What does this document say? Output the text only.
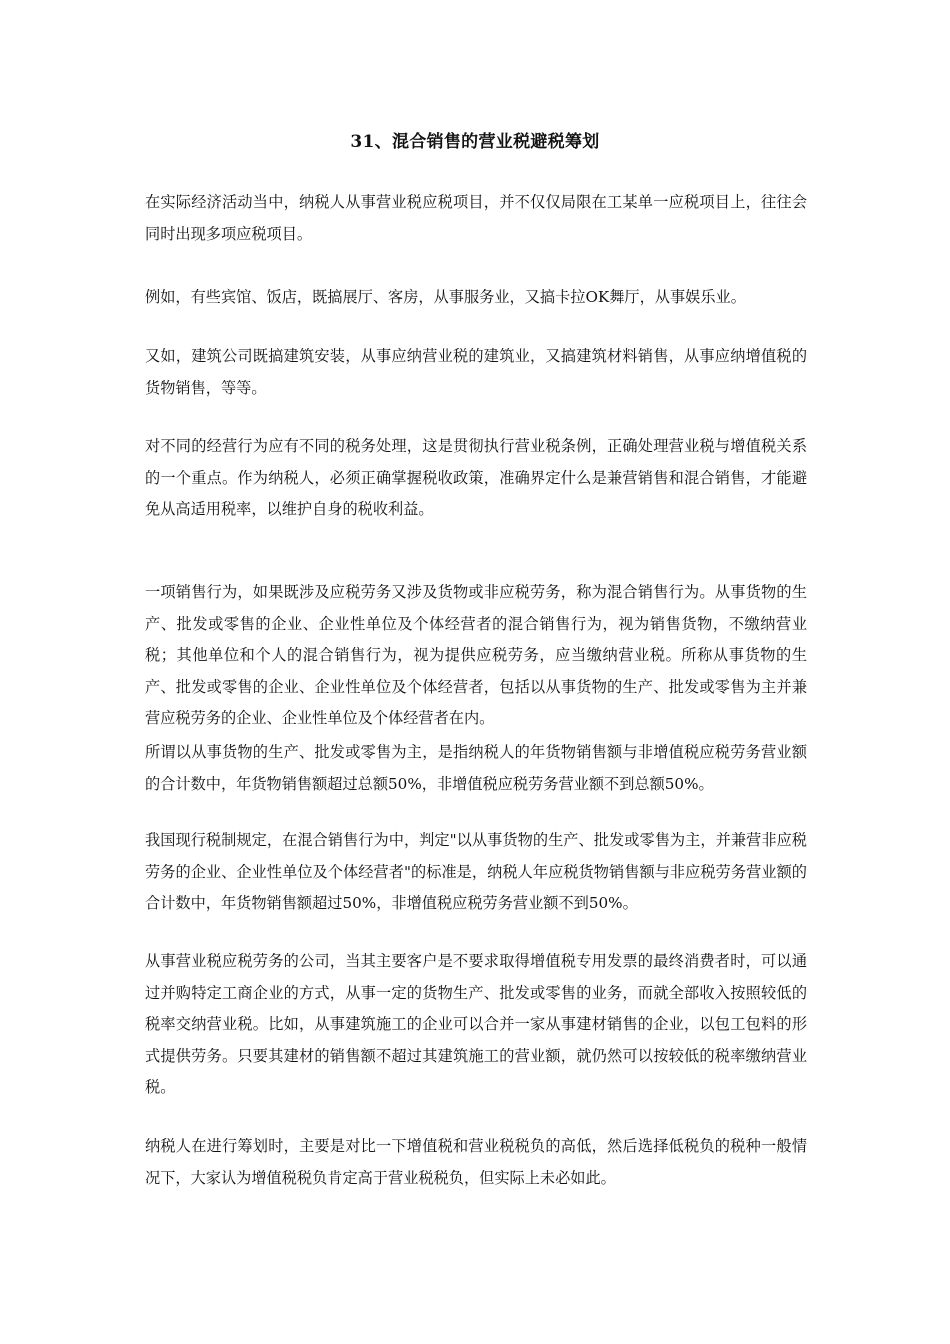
31、混合销售的营业税避税筹划

在实际经济活动当中，纳税人从事营业税应税项目，并不仅仅局限在工某单一应税项目上，往往会同时出现多项应税项目。

例如，有些宾馆、饭店，既搞展厅、客房，从事服务业，又搞卡拉OK舞厅，从事娱乐业。

又如，建筑公司既搞建筑安装，从事应纳营业税的建筑业，又搞建筑材料销售，从事应纳增值税的货物销售，等等。

对不同的经营行为应有不同的税务处理，这是贯彻执行营业税条例，正确处理营业税与增值税关系的一个重点。作为纳税人，必须正确掌握税收政策，准确界定什么是兼营销售和混合销售，才能避免从高适用税率，以维护自身的税收利益。

一项销售行为，如果既涉及应税劳务又涉及货物或非应税劳务，称为混合销售行为。从事货物的生产、批发或零售的企业、企业性单位及个体经营者的混合销售行为，视为销售货物，不缴纳营业税；其他单位和个人的混合销售行为，视为提供应税劳务，应当缴纳营业税。所称从事货物的生产、批发或零售的企业、企业性单位及个体经营者，包括以从事货物的生产、批发或零售为主并兼营应税劳务的企业、企业性单位及个体经营者在内。

所谓以从事货物的生产、批发或零售为主，是指纳税人的年货物销售额与非增值税应税劳务营业额的合计数中，年货物销售额超过总额50%，非增值税应税劳务营业额不到总额50%。

我国现行税制规定，在混合销售行为中，判定"以从事货物的生产、批发或零售为主，并兼营非应税劳务的企业、企业性单位及个体经营者"的标准是，纳税人年应税货物销售额与非应税劳务营业额的合计数中，年货物销售额超过50%，非增值税应税劳务营业额不到50%。

从事营业税应税劳务的公司，当其主要客户是不要求取得增值税专用发票的最终消费者时，可以通过并购特定工商企业的方式，从事一定的货物生产、批发或零售的业务，而就全部收入按照较低的税率交纳营业税。比如，从事建筑施工的企业可以合并一家从事建材销售的企业，以包工包料的形式提供劳务。只要其建材的销售额不超过其建筑施工的营业额，就仍然可以按较低的税率缴纳营业税。

纳税人在进行筹划时，主要是对比一下增值税和营业税税负的高低，然后选择低税负的税种一般情况下，大家认为增值税税负肯定高于营业税税负，但实际上未必如此。
